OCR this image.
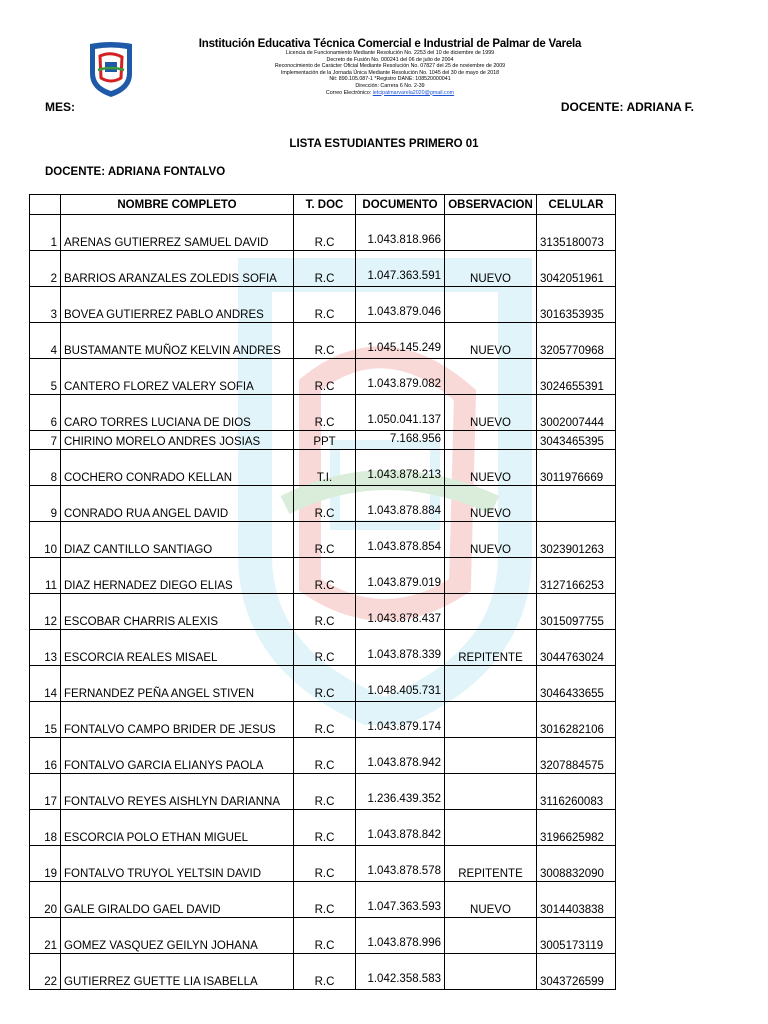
Institución Educativa Técnica Comercial e Industrial de Palmar de Varela
Licencia de Funcionamiento Mediante Resolución No. 2253 del 10 de diciembre de 1999
Decreto de Fusión No. 000241 del 06 de julio de 2004
Reconocimiento de Carácter Oficial Mediante Resolución No. 07827 del 25 de noviembre de 2009
Implementación de la Jornada Única Mediante Resolución No. 1045 del 30 de mayo de 2018
Nit: 890.105.087-1 *Registro DANE: 108520000041
Dirección: Carrera 6 No. 2-39
Correo Electrónico: ietcipalmarvarela2020@gmail.com
MES:	DOCENTE: ADRIANA F.
LISTA ESTUDIANTES PRIMERO 01
DOCENTE: ADRIANA FONTALVO
	NOMBRE COMPLETO	T. DOC	DOCUMENTO	OBSERVACION	CELULAR
1	ARENAS GUTIERREZ SAMUEL DAVID	R.C	1.043.818.966		3135180073
2	BARRIOS ARANZALES ZOLEDIS SOFIA	R.C	1.047.363.591	NUEVO	3042051961
3	BOVEA GUTIERREZ PABLO ANDRES	R.C	1.043.879.046		3016353935
4	BUSTAMANTE MUÑOZ KELVIN ANDRES	R.C	1.045.145.249	NUEVO	3205770968
5	CANTERO FLOREZ VALERY SOFIA	R.C	1.043.879.082		3024655391
6	CARO TORRES LUCIANA DE DIOS	R.C	1.050.041.137	NUEVO	3002007444
7	CHIRINO MORELO ANDRES JOSIAS	PPT	7.168.956		3043465395
8	COCHERO CONRADO KELLAN	T.I.	1.043.878.213	NUEVO	3011976669
9	CONRADO RUA ANGEL DAVID	R.C	1.043.878.884	NUEVO	
10	DIAZ CANTILLO SANTIAGO	R.C	1.043.878.854	NUEVO	3023901263
11	DIAZ HERNADEZ DIEGO ELIAS	R.C	1.043.879.019		3127166253
12	ESCOBAR CHARRIS ALEXIS	R.C	1.043.878.437		3015097755
13	ESCORCIA REALES MISAEL	R.C	1.043.878.339	REPITENTE	3044763024
14	FERNANDEZ PEÑA ANGEL STIVEN	R.C	1.048.405.731		3046433655
15	FONTALVO CAMPO BRIDER DE JESUS	R.C	1.043.879.174		3016282106
16	FONTALVO GARCIA ELIANYS PAOLA	R.C	1.043.878.942		3207884575
17	FONTALVO REYES AISHLYN DARIANNA	R.C	1.236.439.352		3116260083
18	ESCORCIA POLO ETHAN MIGUEL	R.C	1.043.878.842		3196625982
19	FONTALVO TRUYOL YELTSIN DAVID	R.C	1.043.878.578	REPITENTE	3008832090
20	GALE GIRALDO GAEL DAVID	R.C	1.047.363.593	NUEVO	3014403838
21	GOMEZ VASQUEZ GEILYN JOHANA	R.C	1.043.878.996		3005173119
22	GUTIERREZ GUETTE LIA ISABELLA	R.C	1.042.358.583		3043726599
